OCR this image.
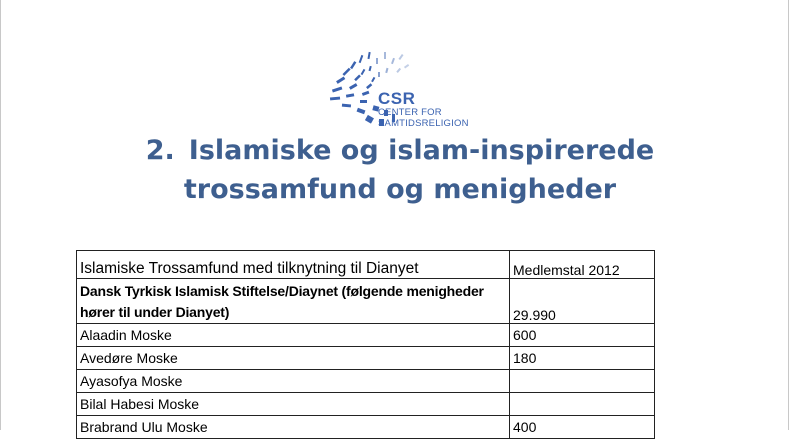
CSR
CENTER FOR
SAMTIDSRELIGION
2. Islamiske og islam-inspirerede
trossamfund og menigheder
Islamiske Trossamfund med tilknytning til Dianyet	Medlemstal 2012
Dansk Tyrkisk Islamisk Stiftelse/Diaynet (følgende menigheder hører til under Dianyet)	29.990
Alaadin Moske	600
Avedøre Moske	180
Ayasofya Moske	
Bilal Habesi Moske	
Brabrand Ulu Moske	400
